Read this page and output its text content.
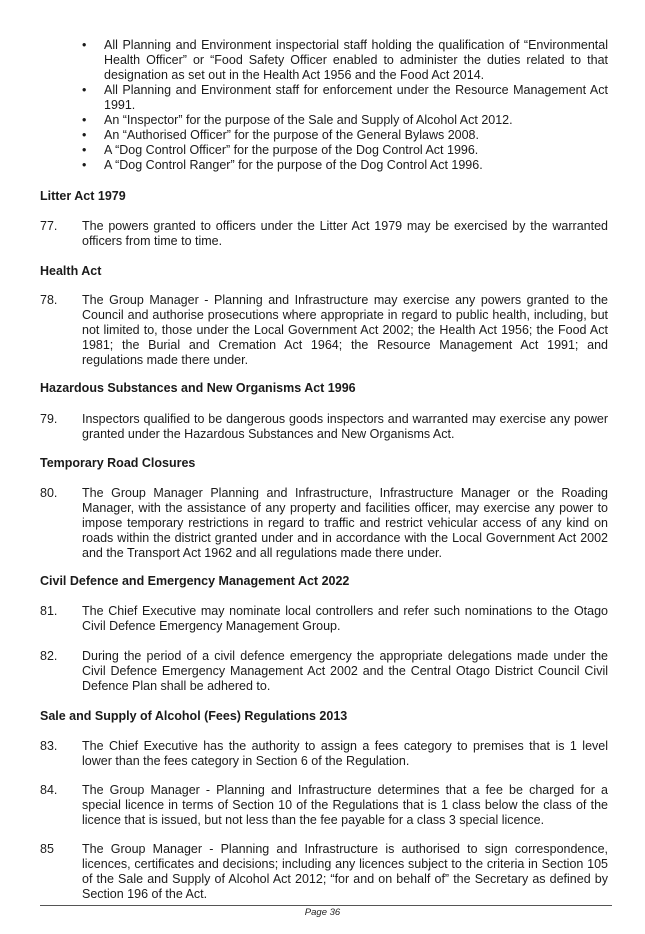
• All Planning and Environment inspectorial staff holding the qualification of “Environmental Health Officer” or “Food Safety Officer enabled to administer the duties related to that designation as set out in the Health Act 1956 and the Food Act 2014.
• All Planning and Environment staff for enforcement under the Resource Management Act 1991.
• An “Inspector” for the purpose of the Sale and Supply of Alcohol Act 2012.
• An “Authorised Officer” for the purpose of the General Bylaws 2008.
• A “Dog Control Officer” for the purpose of the Dog Control Act 1996.
• A “Dog Control Ranger” for the purpose of the Dog Control Act 1996.
Litter Act 1979
77.	The powers granted to officers under the Litter Act 1979 may be exercised by the warranted officers from time to time.
Health Act
78.	The Group Manager - Planning and Infrastructure may exercise any powers granted to the Council and authorise prosecutions where appropriate in regard to public health, including, but not limited to, those under the Local Government Act 2002; the Health Act 1956; the Food Act 1981; the Burial and Cremation Act 1964; the Resource Management Act 1991; and regulations made there under.
Hazardous Substances and New Organisms Act 1996
79.	Inspectors qualified to be dangerous goods inspectors and warranted may exercise any power granted under the Hazardous Substances and New Organisms Act.
Temporary Road Closures
80.	The Group Manager Planning and Infrastructure, Infrastructure Manager or the Roading Manager, with the assistance of any property and facilities officer, may exercise any power to impose temporary restrictions in regard to traffic and restrict vehicular access of any kind on roads within the district granted under and in accordance with the Local Government Act 2002 and the Transport Act 1962 and all regulations made there under.
Civil Defence and Emergency Management Act 2022
81.	The Chief Executive may nominate local controllers and refer such nominations to the Otago Civil Defence Emergency Management Group.
82.	During the period of a civil defence emergency the appropriate delegations made under the Civil Defence Emergency Management Act 2002 and the Central Otago District Council Civil Defence Plan shall be adhered to.
Sale and Supply of Alcohol (Fees) Regulations 2013
83.	The Chief Executive has the authority to assign a fees category to premises that is 1 level lower than the fees category in Section 6 of the Regulation.
84.	The Group Manager - Planning and Infrastructure determines that a fee be charged for a special licence in terms of Section 10 of the Regulations that is 1 class below the class of the licence that is issued, but not less than the fee payable for a class 3 special licence.
85	The Group Manager - Planning and Infrastructure is authorised to sign correspondence, licences, certificates and decisions; including any licences subject to the criteria in Section 105 of the Sale and Supply of Alcohol Act 2012; “for and on behalf of” the Secretary as defined by Section 196 of the Act.
Page 36
